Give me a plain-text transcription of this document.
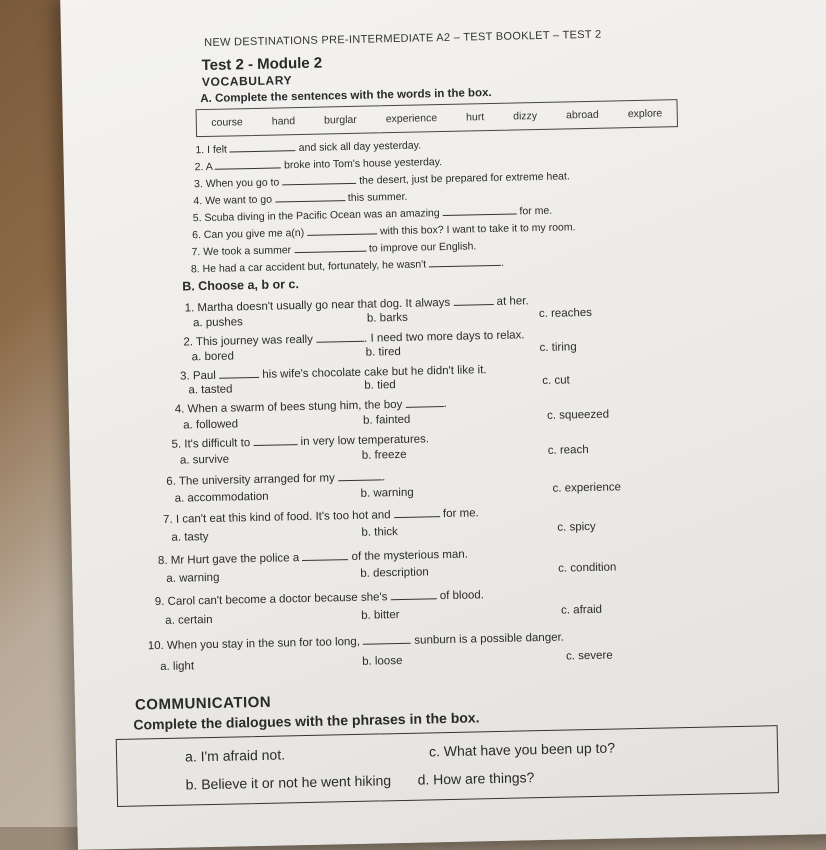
NEW DESTINATIONS PRE-INTERMEDIATE A2 – TEST BOOKLET – TEST 2
Test 2 - Module 2
VOCABULARY
A. Complete the sentences with the words in the box.
course	hand	burglar	experience	hurt	dizzy	abroad	explore
1. I felt	and sick all day yesterday.
2. A	broke into Tom's house yesterday.
3. When you go to	the desert, just be prepared for extreme heat.
4. We want to go	this summer.
5. Scuba diving in the Pacific Ocean was an amazing	for me.
6. Can you give me a(n)	with this box? I want to take it to my room.
7. We took a summer	to improve our English.
8. He had a car accident but, fortunately, he wasn't	.
B. Choose a, b or c.
1. Martha doesn't usually go near that dog. It always	at her.
a. pushes	b. barks	c. reaches
2. This journey was really	. I need two more days to relax.
a. bored	b. tired	c. tiring
3. Paul	his wife's chocolate cake but he didn't like it.
a. tasted	b. tied	c. cut
4. When a swarm of bees stung him, the boy	.
a. followed	b. fainted	c. squeezed
5. It's difficult to	in very low temperatures.
a. survive	b. freeze	c. reach
6. The university arranged for my	.
a. accommodation	b. warning	c. experience
7. I can't eat this kind of food. It's too hot and	for me.
a. tasty	b. thick	c. spicy
8. Mr Hurt gave the police a	of the mysterious man.
a. warning	b. description	c. condition
9. Carol can't become a doctor because she's	of blood.
a. certain	b. bitter	c. afraid
10. When you stay in the sun for too long,	sunburn is a possible danger.
a. light	b. loose	c. severe
COMMUNICATION
Complete the dialogues with the phrases in the box.
a. I'm afraid not.	c. What have you been up to?
b. Believe it or not he went hiking d. How are things?
